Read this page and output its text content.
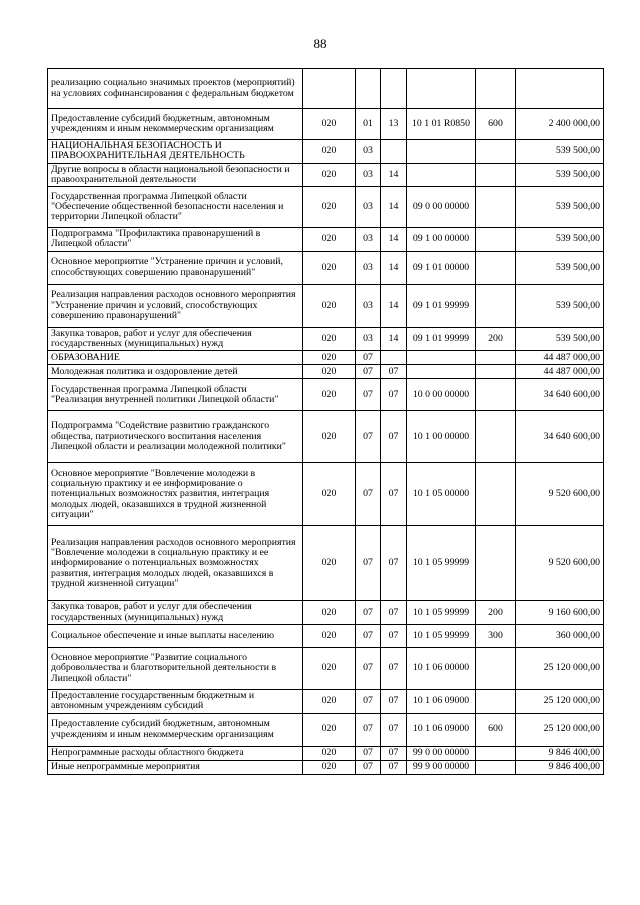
88
реализацию социально значимых проектов (мероприятий) на условиях софинансирования с федеральным бюджетом						
Предоставление субсидий бюджетным, автономным учреждениям и иным некоммерческим организациям	020	01	13	10 1 01 R0850	600	2 400 000,00
НАЦИОНАЛЬНАЯ БЕЗОПАСНОСТЬ И ПРАВООХРАНИТЕЛЬНАЯ ДЕЯТЕЛЬНОСТЬ	020	03				539 500,00
Другие вопросы в области национальной безопасности и правоохранительной деятельности	020	03	14			539 500,00
Государственная программа Липецкой области "Обеспечение общественной безопасности населения и территории Липецкой области"	020	03	14	09 0 00 00000		539 500,00
Подпрограмма "Профилактика правонарушений в Липецкой области"	020	03	14	09 1 00 00000		539 500,00
Основное мероприятие "Устранение причин и условий, способствующих совершению правонарушений"	020	03	14	09 1 01 00000		539 500,00
Реализация направления расходов основного мероприятия "Устранение причин и условий, способствующих совершению правонарушений"	020	03	14	09 1 01 99999		539 500,00
Закупка товаров, работ и услуг для обеспечения государственных (муниципальных) нужд	020	03	14	09 1 01 99999	200	539 500,00
ОБРАЗОВАНИЕ	020	07				44 487 000,00
Молодежная политика и оздоровление детей	020	07	07			44 487 000,00
Государственная программа Липецкой области "Реализация внутренней политики Липецкой области"	020	07	07	10 0 00 00000		34 640 600,00
Подпрограмма "Содействие развитию гражданского общества, патриотического воспитания населения Липецкой области и реализации молодежной политики"	020	07	07	10 1 00 00000		34 640 600,00
Основное мероприятие "Вовлечение молодежи в социальную практику и ее информирование о потенциальных возможностях развития, интеграция молодых людей, оказавшихся в трудной жизненной ситуации"	020	07	07	10 1 05 00000		9 520 600,00
Реализация направления расходов основного мероприятия "Вовлечение молодежи в социальную практику и ее информирование о потенциальных возможностях развития, интеграция молодых людей, оказавшихся в трудной жизненной ситуации"	020	07	07	10 1 05 99999		9 520 600,00
Закупка товаров, работ и услуг для обеспечения государственных (муниципальных) нужд	020	07	07	10 1 05 99999	200	9 160 600,00
Социальное обеспечение и иные выплаты населению	020	07	07	10 1 05 99999	300	360 000,00
Основное мероприятие "Развитие социального добровольчества и благотворительной деятельности в Липецкой области"	020	07	07	10 1 06 00000		25 120 000,00
Предоставление государственным бюджетным и автономным учреждениям субсидий	020	07	07	10 1 06 09000		25 120 000,00
Предоставление субсидий бюджетным, автономным учреждениям и иным некоммерческим организациям	020	07	07	10 1 06 09000	600	25 120 000,00
Непрограммные расходы областного бюджета	020	07	07	99 0 00 00000		9 846 400,00
Иные непрограммные мероприятия	020	07	07	99 9 00 00000		9 846 400,00
